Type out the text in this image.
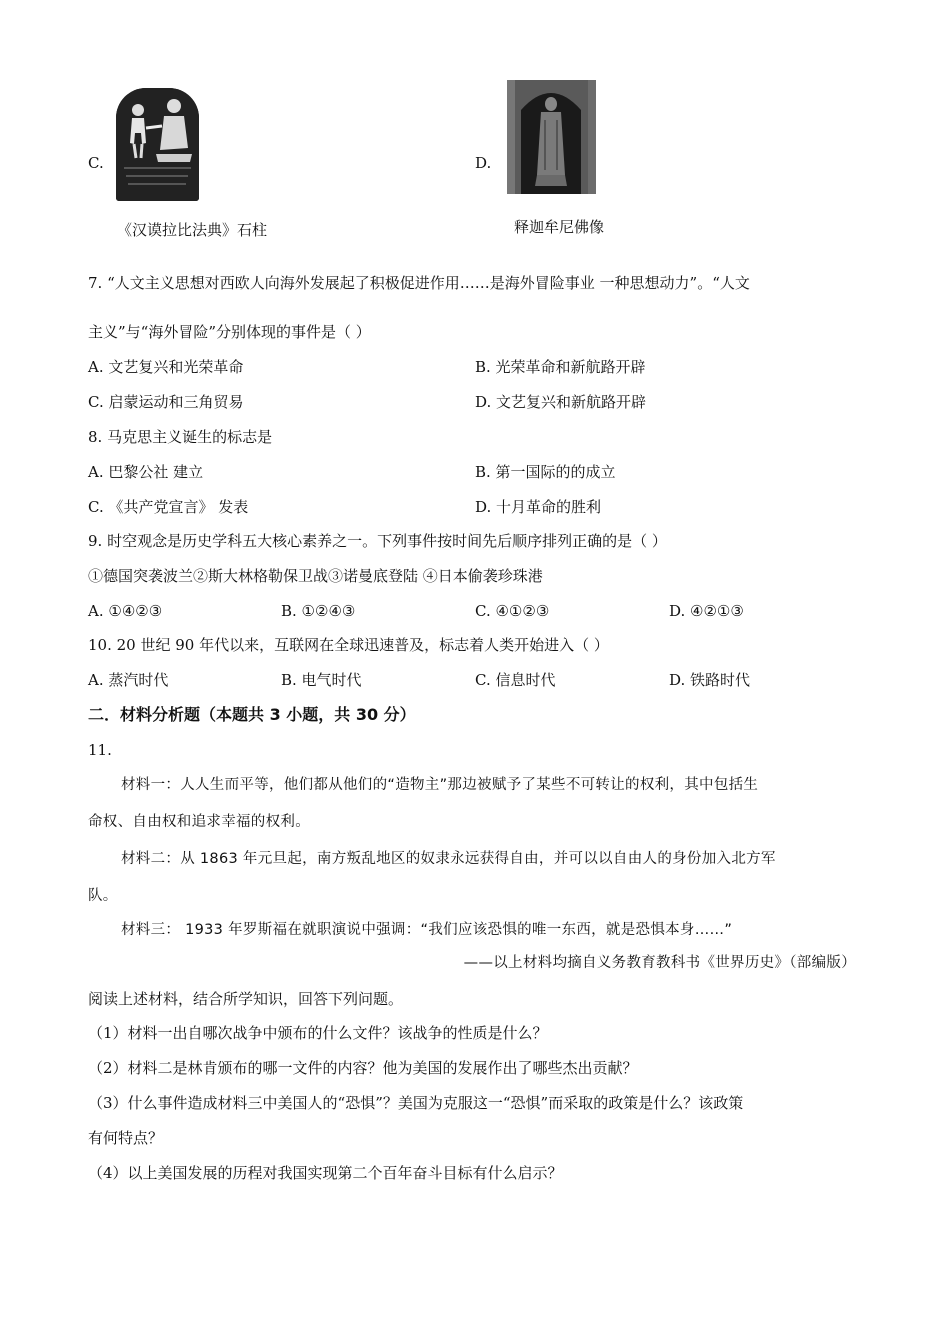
C.
《汉谟拉比法典》石柱
D.
释迦牟尼佛像
7. “人文主义思想对西欧人向海外发展起了积极促进作用……是海外冒险事业 一种思想动力”。“人文
主义”与“海外冒险”分别体现的事件是（ ）
A. 文艺复兴和光荣革命	B. 光荣革命和新航路开辟
C. 启蒙运动和三角贸易	D. 文艺复兴和新航路开辟
8. 马克思主义诞生的标志是
A. 巴黎公社 建立	B. 第一国际的的成立
C. 《共产党宣言》 发表	D. 十月革命的胜利
9. 时空观念是历史学科五大核心素养之一。下列事件按时间先后顺序排列正确的是（ ）
①德国突袭波兰②斯大林格勒保卫战③诺曼底登陆 ④日本偷袭珍珠港
A. ①④②③	B. ①②④③	C. ④①②③	D. ④②①③
10. 20 世纪 90 年代以来，互联网在全球迅速普及，标志着人类开始进入（ ）
A. 蒸汽时代	B. 电气时代	C. 信息时代	D. 铁路时代
二．材料分析题（本题共 3 小题，共 30 分）
11.
材料一：人人生而平等，他们都从他们的“造物主”那边被赋予了某些不可转让的权利，其中包括生
命权、自由权和追求幸福的权利。
材料二：从 1863 年元旦起，南方叛乱地区的奴隶永远获得自由，并可以以自由人的身份加入北方军
队。
材料三： 1933 年罗斯福在就职演说中强调：“我们应该恐惧的唯一东西，就是恐惧本身……”
——以上材料均摘自义务教育教科书《世界历史》（部编版）
阅读上述材料，结合所学知识，回答下列问题。
（1）材料一出自哪次战争中颁布的什么文件？该战争的性质是什么？
（2）材料二是林肯颁布的哪一文件的内容？他为美国的发展作出了哪些杰出贡献？
（3）什么事件造成材料三中美国人的“恐惧”？美国为克服这一“恐惧”而采取的政策是什么？该政策
有何特点？
（4）以上美国发展的历程对我国实现第二个百年奋斗目标有什么启示？
